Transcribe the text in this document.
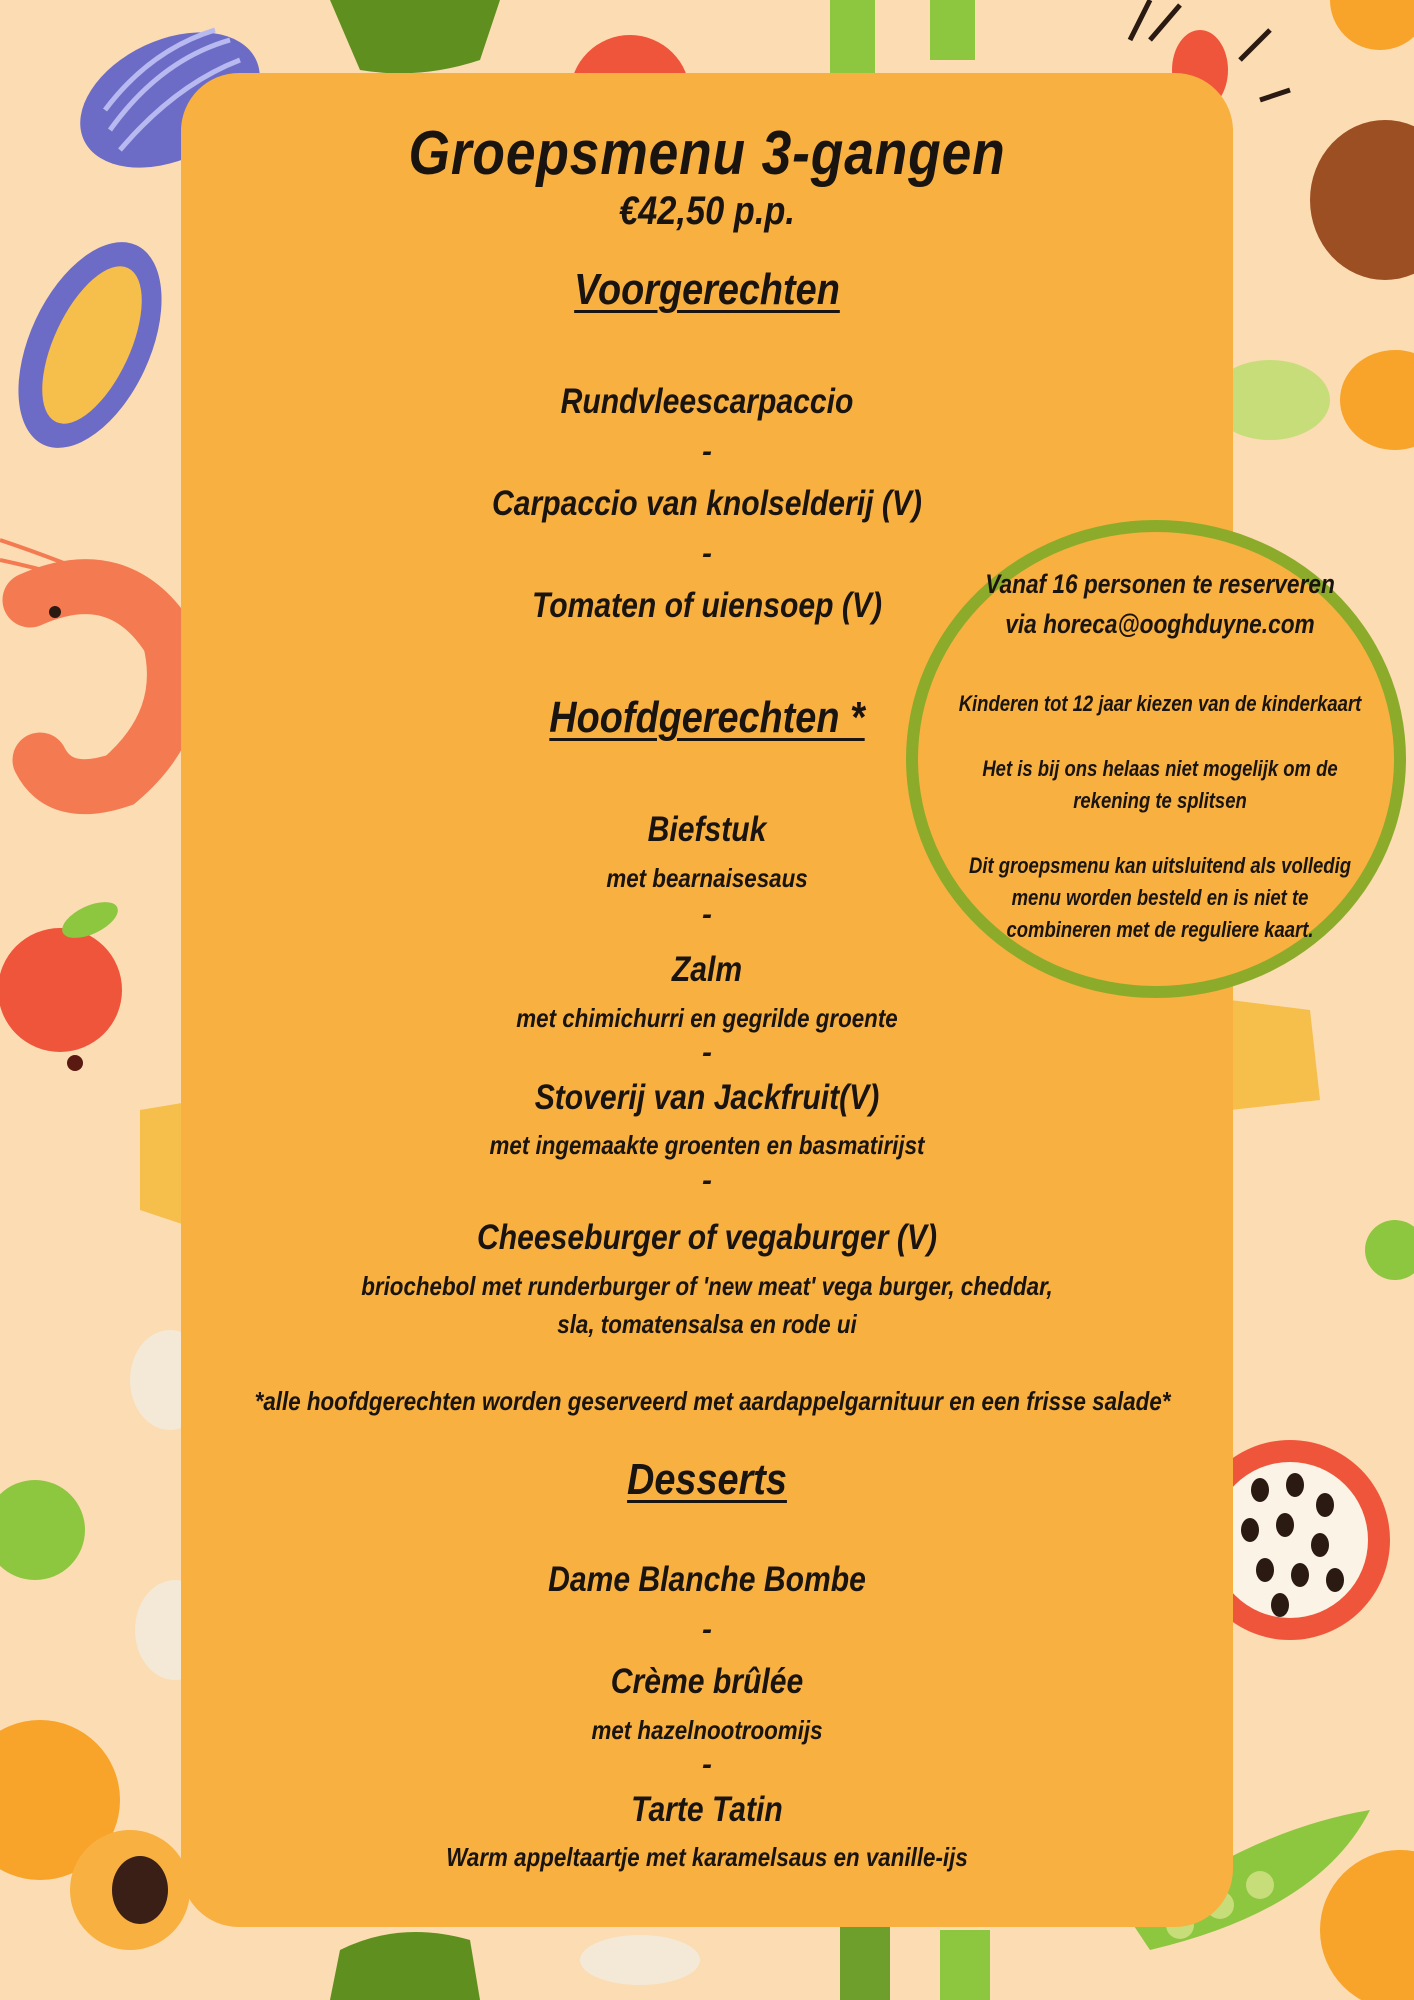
Groepsmenu 3-gangen

€42,50 p.p.

Voorgerechten

Rundvleescarpaccio

-

Carpaccio van knolselderij (V)

-

Tomaten of uiensoep (V)

Hoofdgerechten *

Biefstuk

met bearnaisesaus

-

Zalm

met chimichurri en gegrilde groente

-

Stoverij van Jackfruit(V)

met ingemaakte groenten en basmatirijst

-

Cheeseburger of vegaburger (V)

briochebol met runderburger of 'new meat' vega burger, cheddar,

sla, tomatensalsa en rode ui

*alle hoofdgerechten worden geserveerd met aardappelgarnituur en een frisse salade*

Desserts

Dame Blanche Bombe

-

Crème brûlée

met hazelnootroomijs

-

Tarte Tatin

Warm appeltaartje met karamelsaus en vanille-ijs

Vanaf 16 personen te reserveren

via horeca@ooghduyne.com

Kinderen tot 12 jaar kiezen van de kinderkaart

Het is bij ons helaas niet mogelijk om de

rekening te splitsen

Dit groepsmenu kan uitsluitend als volledig

menu worden besteld en is niet te

combineren met de reguliere kaart.
